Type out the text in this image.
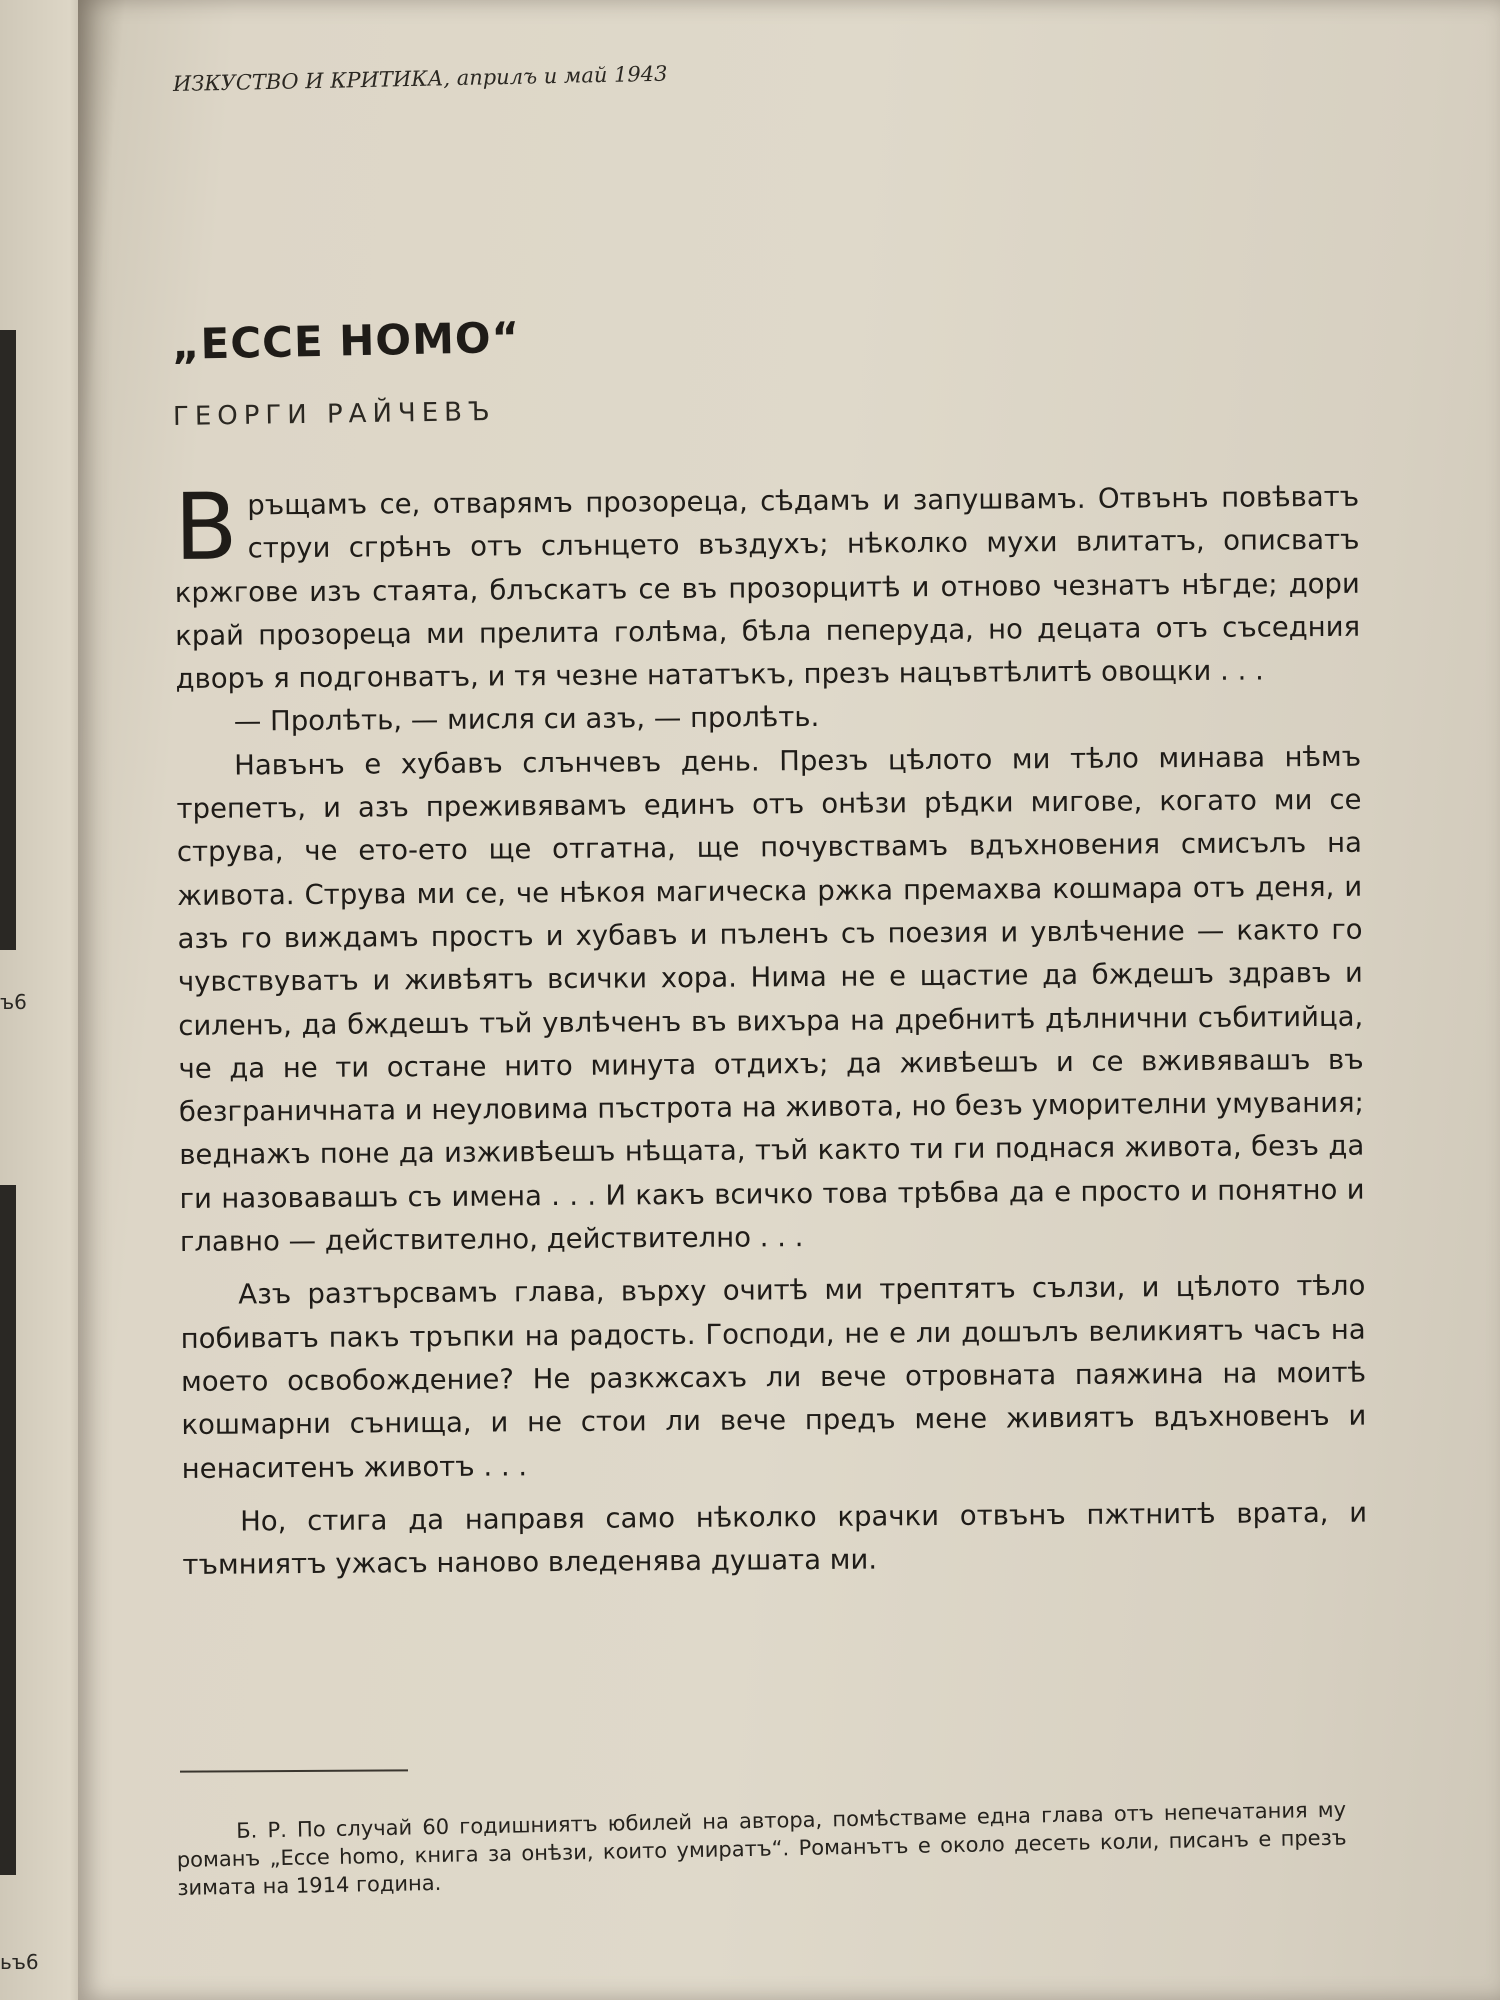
ъ6
ьъ6
ИЗКУСТВО И КРИТИКА, априлъ и май 1943
„ECCE HOMO“
ГЕОРГИ РАЙЧЕВЪ

Връщамъ се, отварямъ прозореца, сѣдамъ и запушвамъ. Отвънъ повѣватъ струи сгрѣнъ отъ слънцето въздухъ; нѣколко мухи влитатъ, описватъ кржгове изъ стаята, блъскатъ се въ прозорцитѣ и отново чезнатъ нѣгде; дори край прозореца ми прелита голѣма, бѣла пеперуда, но децата отъ съседния дворъ я подгонватъ, и тя чезне нататъкъ, презъ нацъвтѣлитѣ овощки . . .

— Пролѣть, — мисля си азъ, — пролѣть.

Навънъ е хубавъ слънчевъ день. Презъ цѣлото ми тѣло минава нѣмъ трепетъ, и азъ преживявамъ единъ отъ онѣзи рѣдки мигове, когато ми се струва, че ето-ето ще отгатна, ще почувствамъ вдъхновения смисълъ на живота. Струва ми се, че нѣкоя магическа ржка премахва кошмара отъ деня, и азъ го виждамъ простъ и хубавъ и пъленъ съ поезия и увлѣчение — както го чувствуватъ и живѣятъ всички хора. Нима не е щастие да бждешъ здравъ и силенъ, да бждешъ тъй увлѣченъ въ вихъра на дребнитѣ дѣлнични събитийца, че да не ти остане нито минута отдихъ; да живѣешъ и се вживявашъ въ безграничната и неуловима пъстрота на живота, но безъ уморителни умувания; веднажъ поне да изживѣешъ нѣщата, тъй както ти ги поднася живота, безъ да ги назовавашъ съ имена . . . И какъ всичко това трѣбва да е просто и понятно и главно — действително, действително . . .

Азъ разтърсвамъ глава, върху очитѣ ми трептятъ сълзи, и цѣлото тѣло побиватъ пакъ тръпки на радость. Господи, не е ли дошълъ великиятъ часъ на моето освобождение? Не разкжсахъ ли вече отровната паяжина на моитѣ кошмарни сънища, и не стои ли вече предъ мене живиятъ вдъхновенъ и ненаситенъ животъ . . .

Но, стига да направя само нѣколко крачки отвънъ пжтнитѣ врата, и тъмниятъ ужасъ наново вледенява душата ми.

Б. Р. По случай 60 годишниятъ юбилей на автора, помѣстваме една глава отъ непечатания му романъ „Ecce homo, книга за онѣзи, които умиратъ“. Романътъ е около десеть коли, писанъ е презъ зимата на 1914 година.
